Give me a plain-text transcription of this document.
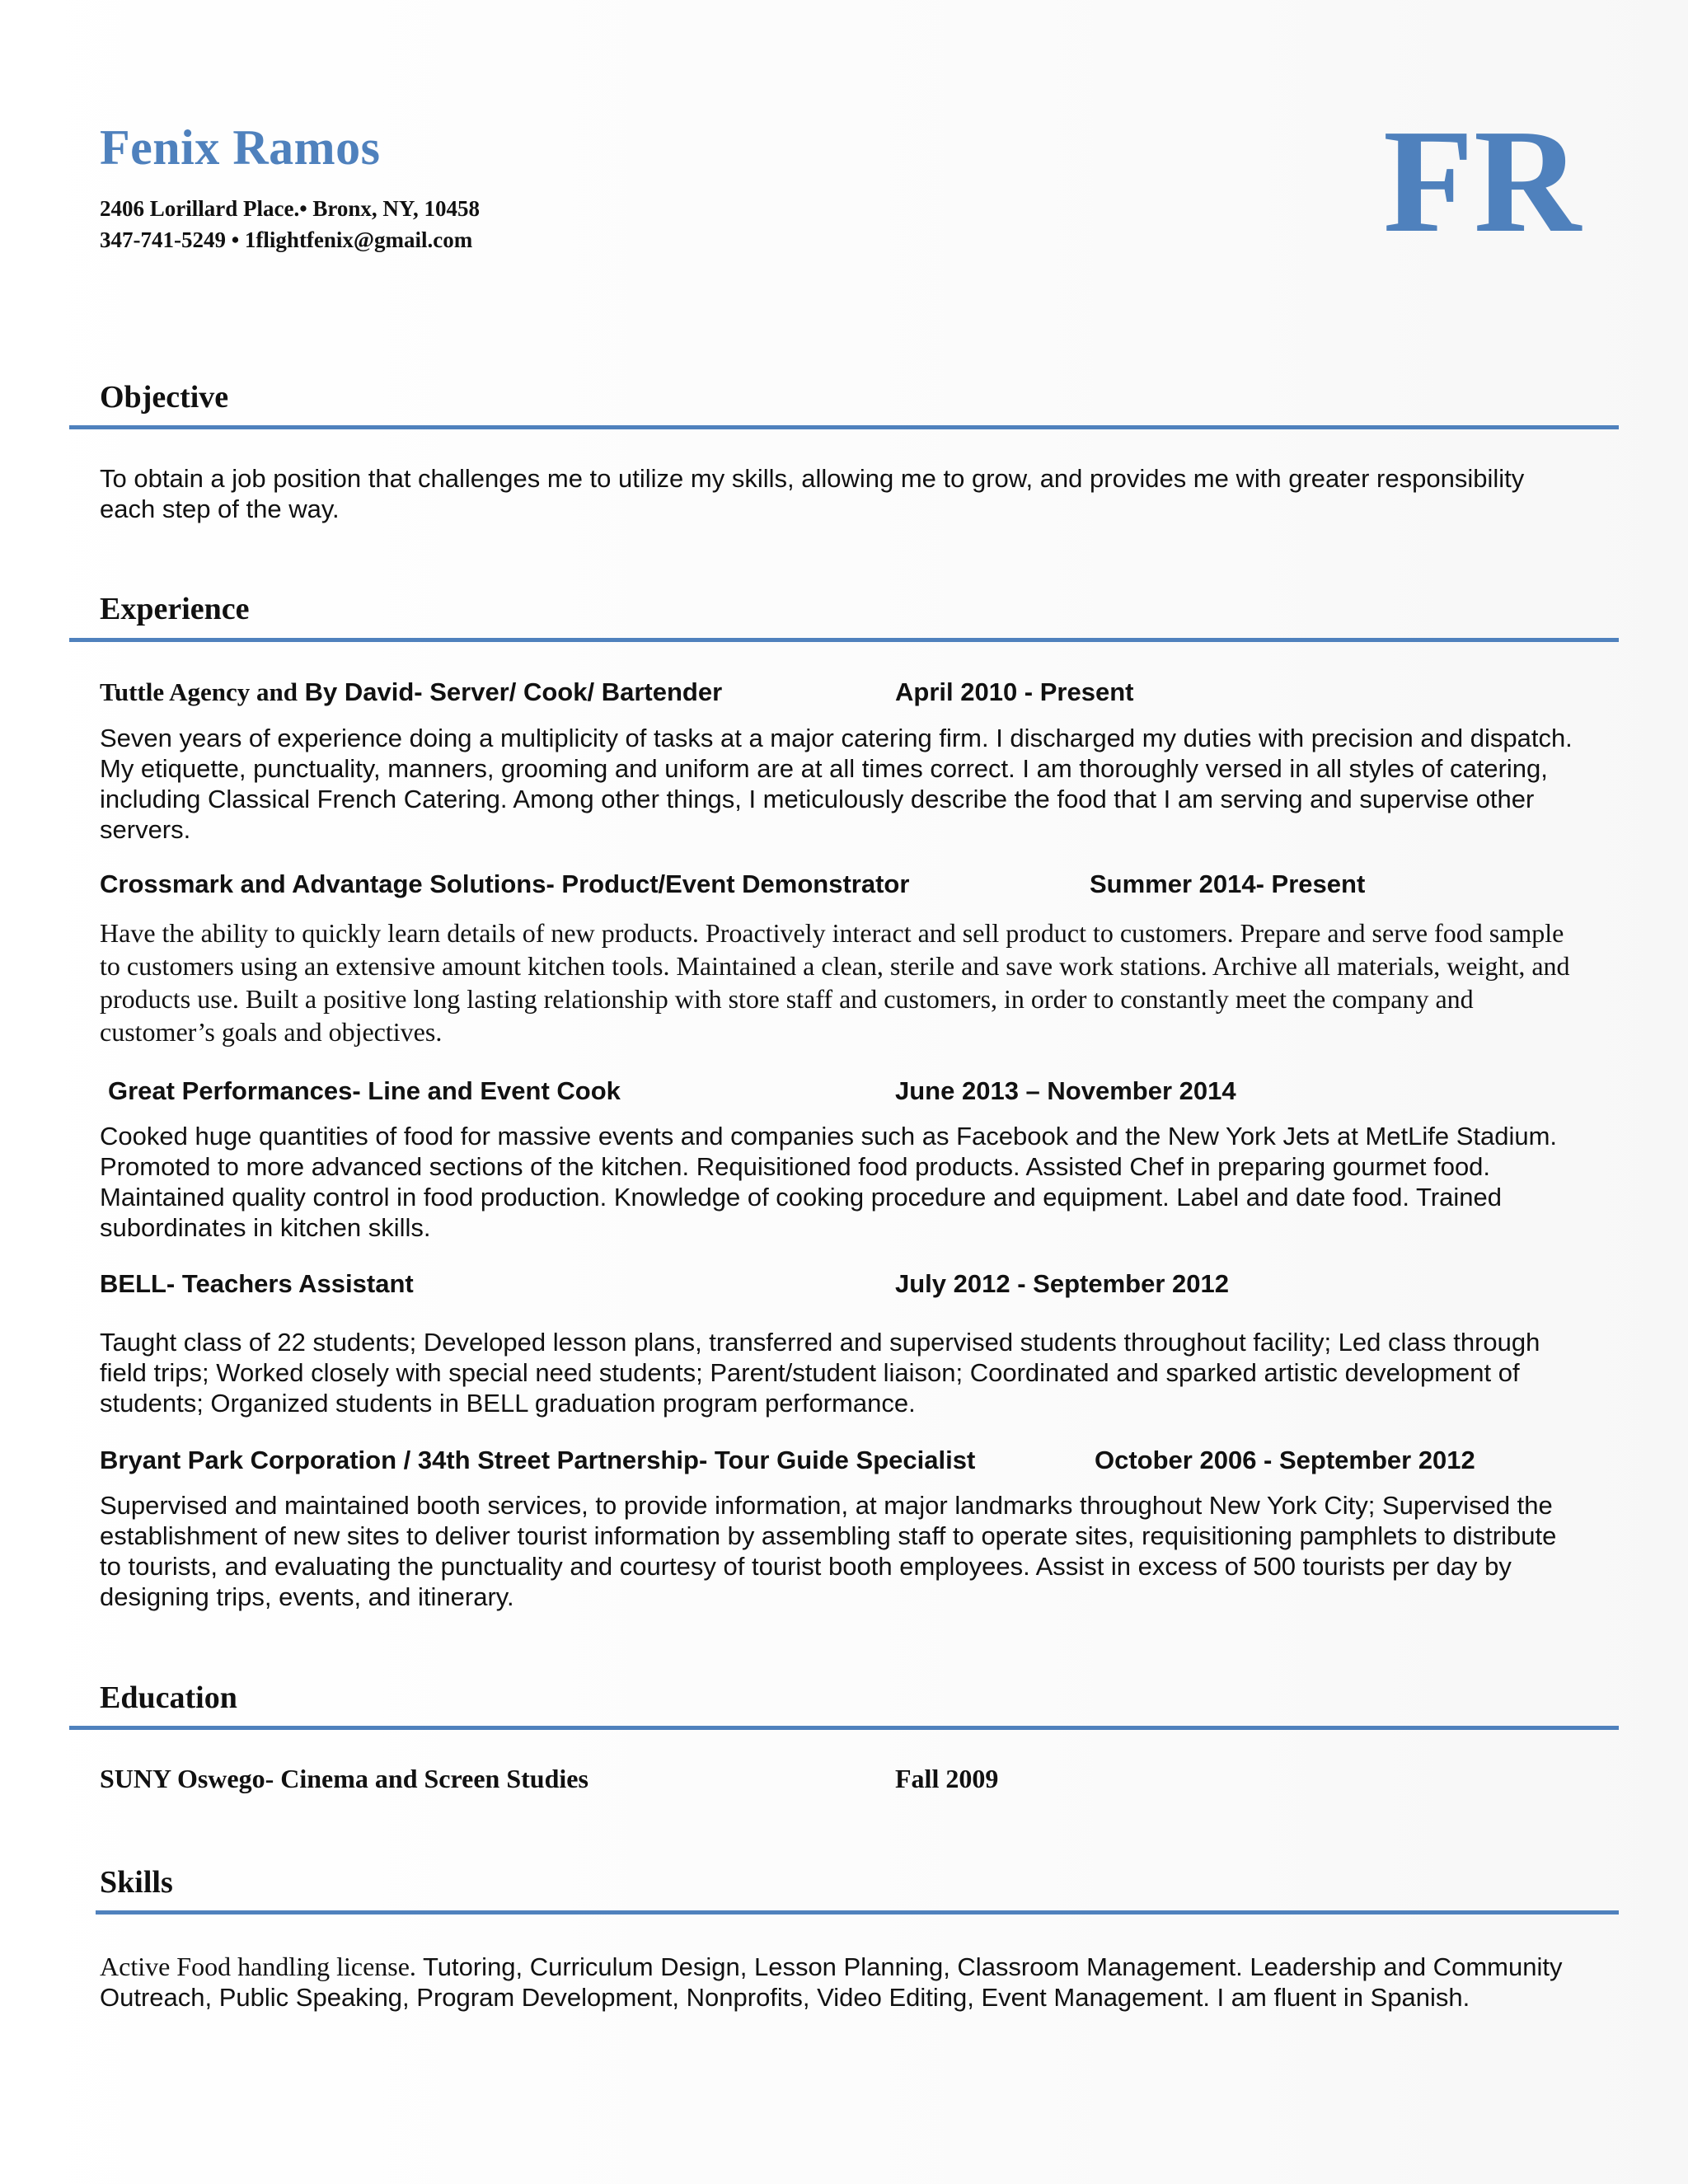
Fenix Ramos
2406 Lorillard Place.• Bronx, NY, 10458
347-741-5249 • 1flightfenix@gmail.com	FR
Objective

To obtain a job position that challenges me to utilize my skills, allowing me to grow, and provides me with greater responsibility each step of the way.

Experience
Tuttle Agency and By David- Server/ Cook/ Bartender	April 2010 - Present

Seven years of experience doing a multiplicity of tasks at a major catering firm. I discharged my duties with precision and dispatch. My etiquette, punctuality, manners, grooming and uniform are at all times correct. I am thoroughly versed in all styles of catering, including Classical French Catering. Among other things, I meticulously describe the food that I am serving and supervise other servers.

Crossmark and Advantage Solutions- Product/Event Demonstrator	Summer 2014- Present

Have the ability to quickly learn details of new products. Proactively interact and sell product to customers. Prepare and serve food sample to customers using an extensive amount kitchen tools. Maintained a clean, sterile and save work stations. Archive all materials, weight, and products use. Built a positive long lasting relationship with store staff and customers, in order to constantly meet the company and customer’s goals and objectives.

Great Performances- Line and Event Cook	June 2013 – November 2014

Cooked huge quantities of food for massive events and companies such as Facebook and the New York Jets at MetLife Stadium. Promoted to more advanced sections of the kitchen. Requisitioned food products. Assisted Chef in preparing gourmet food. Maintained quality control in food production. Knowledge of cooking procedure and equipment. Label and date food. Trained subordinates in kitchen skills.

BELL- Teachers Assistant	July 2012 - September 2012

Taught class of 22 students; Developed lesson plans, transferred and supervised students throughout facility; Led class through field trips; Worked closely with special need students; Parent/student liaison; Coordinated and sparked artistic development of students; Organized students in BELL graduation program performance.

Bryant Park Corporation / 34th Street Partnership- Tour Guide Specialist	October 2006 - September 2012

Supervised and maintained booth services, to provide information, at major landmarks throughout New York City; Supervised the establishment of new sites to deliver tourist information by assembling staff to operate sites, requisitioning pamphlets to distribute to tourists, and evaluating the punctuality and courtesy of tourist booth employees. Assist in excess of 500 tourists per day by designing trips, events, and itinerary.

Education
SUNY Oswego- Cinema and Screen Studies	Fall 2009
Skills

Active Food handling license. Tutoring, Curriculum Design, Lesson Planning, Classroom Management. Leadership and Community Outreach, Public Speaking, Program Development, Nonprofits, Video Editing, Event Management. I am fluent in Spanish.
